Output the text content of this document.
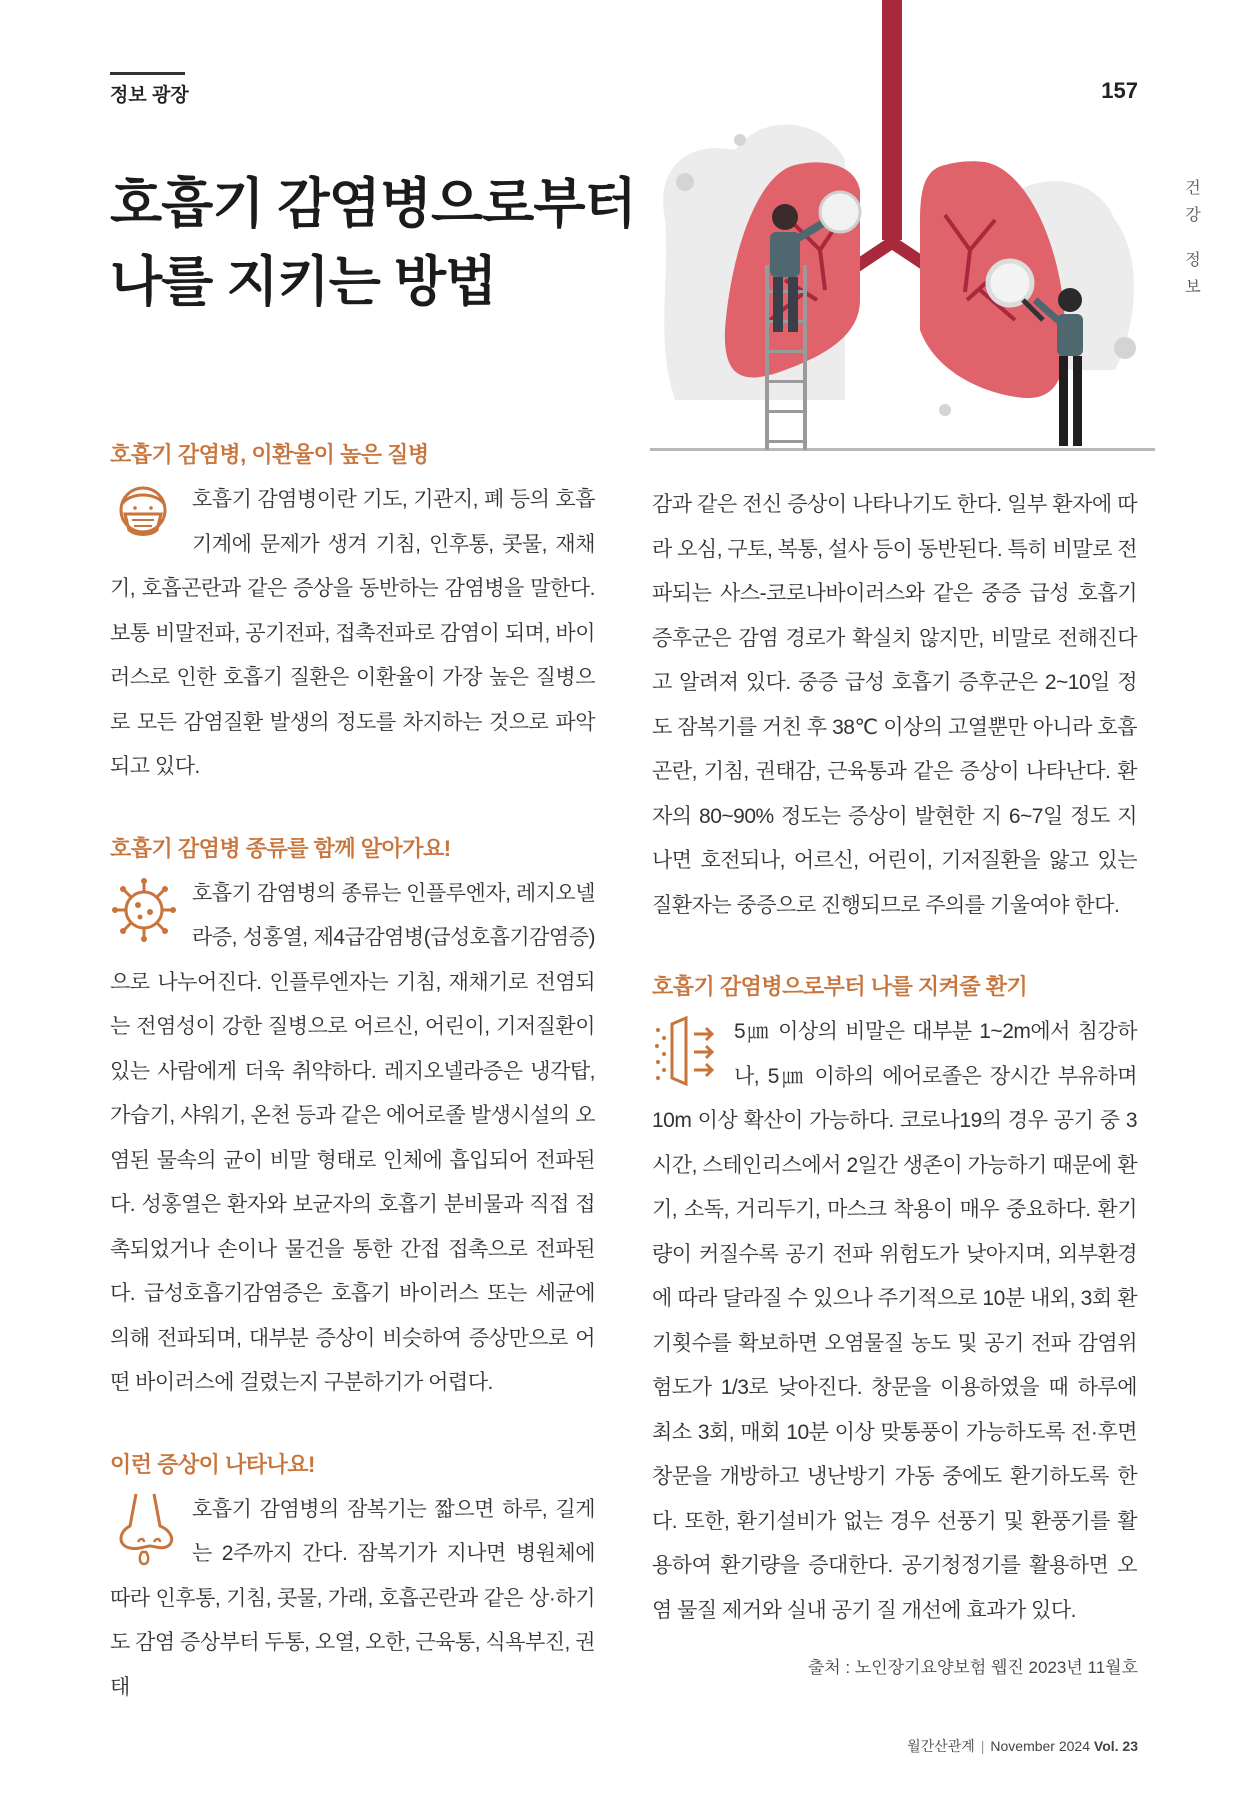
정보 광장	157
건
강
정
보
호흡기 감염병으로부터
나를 지키는 방법
호흡기 감염병, 이환율이 높은 질병

호흡기 감염병이란 기도, 기관지, 폐 등의 호흡기계에 문제가 생겨 기침, 인후통, 콧물, 재채기, 호흡곤란과 같은 증상을 동반하는 감염병을 말한다. 보통 비말전파, 공기전파, 접촉전파로 감염이 되며, 바이러스로 인한 호흡기 질환은 이환율이 가장 높은 질병으로 모든 감염질환 발생의 정도를 차지하는 것으로 파악되고 있다.

호흡기 감염병 종류를 함께 알아가요!

호흡기 감염병의 종류는 인플루엔자, 레지오넬라증, 성홍열, 제4급감염병(급성호흡기감염증)으로 나누어진다. 인플루엔자는 기침, 재채기로 전염되는 전염성이 강한 질병으로 어르신, 어린이, 기저질환이 있는 사람에게 더욱 취약하다. 레지오넬라증은 냉각탑, 가습기, 샤워기, 온천 등과 같은 에어로졸 발생시설의 오염된 물속의 균이 비말 형태로 인체에 흡입되어 전파된다. 성홍열은 환자와 보균자의 호흡기 분비물과 직접 접촉되었거나 손이나 물건을 통한 간접 접촉으로 전파된다. 급성호흡기감염증은 호흡기 바이러스 또는 세균에 의해 전파되며, 대부분 증상이 비슷하여 증상만으로 어떤 바이러스에 걸렸는지 구분하기가 어렵다.

이런 증상이 나타나요!

호흡기 감염병의 잠복기는 짧으면 하루, 길게는 2주까지 간다. 잠복기가 지나면 병원체에 따라 인후통, 기침, 콧물, 가래, 호흡곤란과 같은 상·하기도 감염 증상부터 두통, 오열, 오한, 근육통, 식욕부진, 권태

감과 같은 전신 증상이 나타나기도 한다. 일부 환자에 따라 오심, 구토, 복통, 설사 등이 동반된다. 특히 비말로 전파되는 사스-코로나바이러스와 같은 중증 급성 호흡기 증후군은 감염 경로가 확실치 않지만, 비말로 전해진다고 알려져 있다. 중증 급성 호흡기 증후군은 2~10일 정도 잠복기를 거친 후 38℃ 이상의 고열뿐만 아니라 호흡 곤란, 기침, 권태감, 근육통과 같은 증상이 나타난다. 환자의 80~90% 정도는 증상이 발현한 지 6~7일 정도 지나면 호전되나, 어르신, 어린이, 기저질환을 앓고 있는 질환자는 중증으로 진행되므로 주의를 기울여야 한다.

호흡기 감염병으로부터 나를 지켜줄 환기

5㎛ 이상의 비말은 대부분 1~2m에서 침강하나, 5㎛ 이하의 에어로졸은 장시간 부유하며 10m 이상 확산이 가능하다. 코로나19의 경우 공기 중 3시간, 스테인리스에서 2일간 생존이 가능하기 때문에 환기, 소독, 거리두기, 마스크 착용이 매우 중요하다. 환기량이 커질수록 공기 전파 위험도가 낮아지며, 외부환경에 따라 달라질 수 있으나 주기적으로 10분 내외, 3회 환기횟수를 확보하면 오염물질 농도 및 공기 전파 감염위험도가 1/3로 낮아진다. 창문을 이용하였을 때 하루에 최소 3회, 매회 10분 이상 맞통풍이 가능하도록 전·후면 창문을 개방하고 냉난방기 가동 중에도 환기하도록 한다. 또한, 환기설비가 없는 경우 선풍기 및 환풍기를 활용하여 환기량을 증대한다. 공기청정기를 활용하면 오염 물질 제거와 실내 공기 질 개선에 효과가 있다.

출처 : 노인장기요양보험 웹진 2023년 11월호
월간산관계 | November 2024 Vol. 23
